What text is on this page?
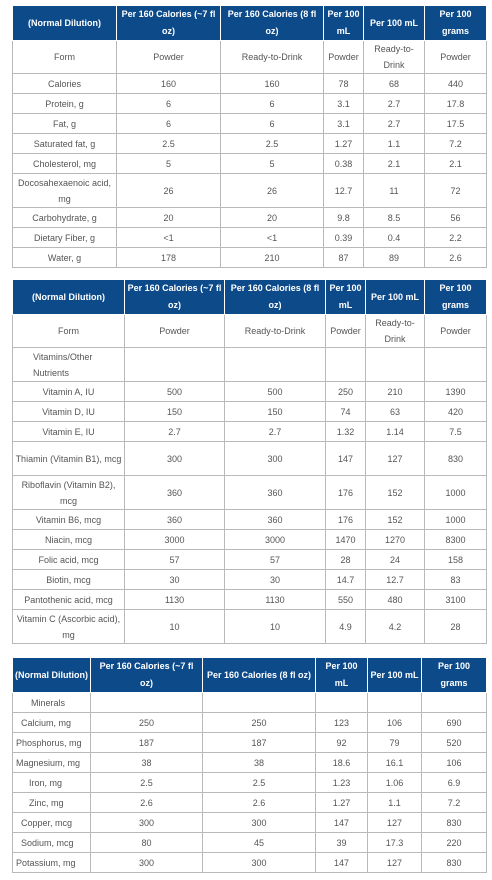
(Normal Dilution)	Per 160 Calories (~7 fl oz)	Per 160 Calories (8 fl oz)	Per 100 mL	Per 100 mL	Per 100 grams
Form	Powder	Ready-to-Drink	Powder	Ready-to-Drink	Powder
Calories	160	160	78	68	440
Protein, g	6	6	3.1	2.7	17.8
Fat, g	6	6	3.1	2.7	17.5
Saturated fat, g	2.5	2.5	1.27	1.1	7.2
Cholesterol, mg	5	5	0.38	2.1	2.1
Docosahexaenoic acid, mg	26	26	12.7	11	72
Carbohydrate, g	20	20	9.8	8.5	56
Dietary Fiber, g	<1	<1	0.39	0.4	2.2
Water, g	178	210	87	89	2.6
(Normal Dilution)	Per 160 Calories (~7 fl oz)	Per 160 Calories (8 fl oz)	Per 100 mL	Per 100 mL	Per 100 grams
Form	Powder	Ready-to-Drink	Powder	Ready-to-Drink	Powder
Vitamins/Other Nutrients					
Vitamin A, IU	500	500	250	210	1390
Vitamin D, IU	150	150	74	63	420
Vitamin E, IU	2.7	2.7	1.32	1.14	7.5
Thiamin (Vitamin B1), mcg	300	300	147	127	830
Riboflavin (Vitamin B2), mcg	360	360	176	152	1000
Vitamin B6, mcg	360	360	176	152	1000
Niacin, mcg	3000	3000	1470	1270	8300
Folic acid, mcg	57	57	28	24	158
Biotin, mcg	30	30	14.7	12.7	83
Pantothenic acid, mcg	1130	1130	550	480	3100
Vitamin C (Ascorbic acid), mg	10	10	4.9	4.2	28
(Normal Dilution)	Per 160 Calories (~7 fl oz)	Per 160 Calories (8 fl oz)	Per 100 mL	Per 100 mL	Per 100 grams
Minerals					
Calcium, mg	250	250	123	106	690
Phosphorus, mg	187	187	92	79	520
Magnesium, mg	38	38	18.6	16.1	106
Iron, mg	2.5	2.5	1.23	1.06	6.9
Zinc, mg	2.6	2.6	1.27	1.1	7.2
Copper, mcg	300	300	147	127	830
Sodium, mcg	80	45	39	17.3	220
Potassium, mg	300	300	147	127	830
